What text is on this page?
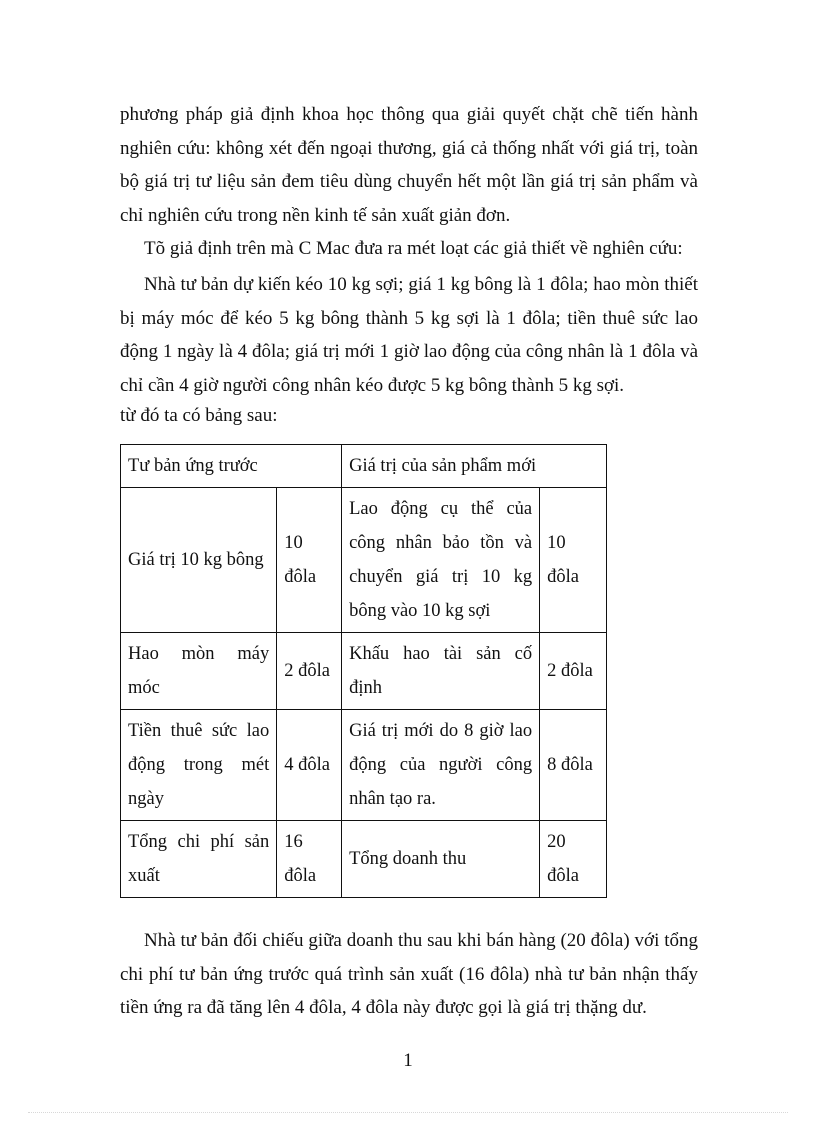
phương pháp giả định khoa học thông qua giải quyết chặt chẽ tiến hành nghiên cứu: không xét đến ngoại thương, giá cả thống nhất với giá trị, toàn bộ giá trị tư liệu sản đem tiêu dùng chuyển hết một lần giá trị sản phẩm và chỉ nghiên cứu trong nền kinh tế sản xuất giản đơn.

Tõ giả định trên mà C Mac đưa ra mét loạt các giả thiết về nghiên cứu:

Nhà tư bản dự kiến kéo 10 kg sợi; giá 1 kg bông là 1 đôla; hao mòn thiết bị máy móc để kéo 5 kg bông thành 5 kg sợi là 1 đôla; tiền thuê sức lao động 1 ngày là 4 đôla; giá trị mới 1 giờ lao động của công nhân là 1 đôla và chỉ cần 4 giờ người công nhân kéo được 5 kg bông thành 5 kg sợi.

từ đó ta có bảng sau:

Tư bản ứng trước		Giá trị của sản phẩm mới	
Giá trị 10 kg bông	10 đôla	Lao động cụ thể của công nhân bảo tồn và chuyển giá trị 10 kg bông vào 10 kg sợi	10 đôla
Hao mòn máy móc	2 đôla	Khấu hao tài sản cố định	2 đôla
Tiền thuê sức lao động trong mét ngày	4 đôla	Giá trị mới do 8 giờ lao động của người công nhân tạo ra.	8 đôla
Tổng chi phí sản xuất	16 đôla	Tổng doanh thu	20 đôla

Nhà tư bản đối chiếu giữa doanh thu sau khi bán hàng (20 đôla) với tổng chi phí tư bản ứng trước quá trình sản xuất (16 đôla) nhà tư bản nhận thấy tiền ứng ra đã tăng lên 4 đôla, 4 đôla này được gọi là giá trị thặng dư.

1
